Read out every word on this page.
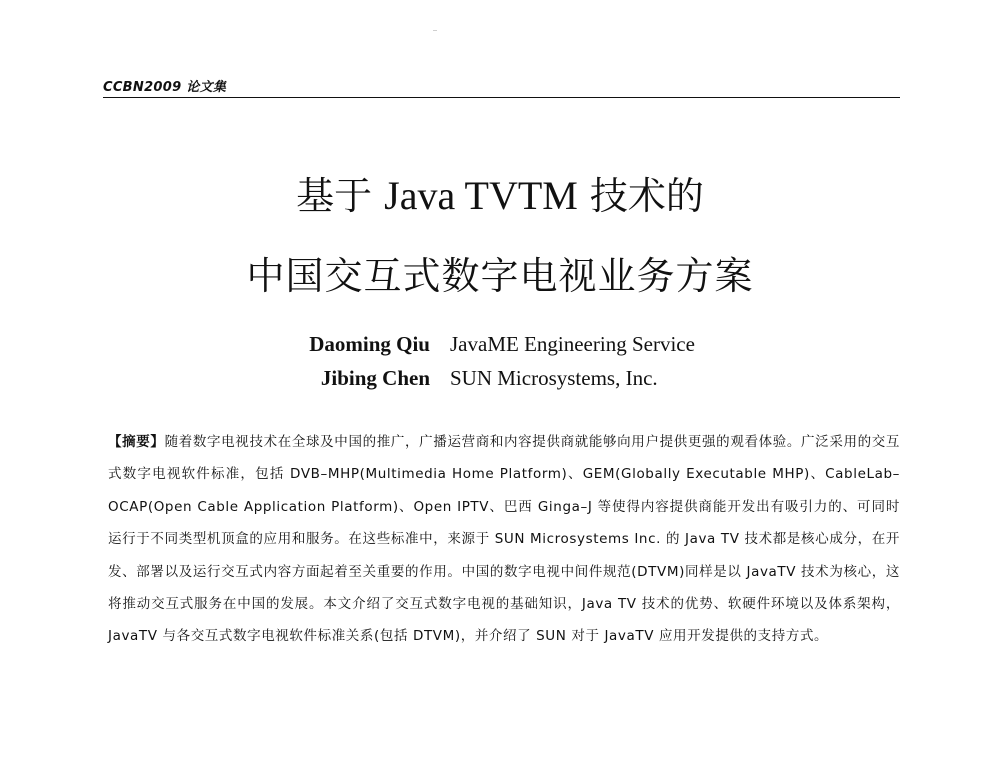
CCBN2009 论文集
基于 Java TVTM 技术的
中国交互式数字电视业务方案
Daoming Qiu JavaME Engineering Service
Jibing Chen SUN Microsystems, Inc.
【摘要】随着数字电视技术在全球及中国的推广，广播运营商和内容提供商就能够向用户提供更强的观看体验。广泛采用的交互式数字电视软件标准，包括 DVB–MHP(Multimedia Home Platform)、GEM(Globally Executable MHP)、CableLab–OCAP(Open Cable Application Platform)、Open IPTV、巴西 Ginga–J 等使得内容提供商能开发出有吸引力的、可同时运行于不同类型机顶盒的应用和服务。在这些标准中，来源于 SUN Microsystems Inc. 的 Java TV 技术都是核心成分，在开发、部署以及运行交互式内容方面起着至关重要的作用。中国的数字电视中间件规范(DTVM)同样是以 JavaTV 技术为核心，这将推动交互式服务在中国的发展。本文介绍了交互式数字电视的基础知识，Java TV 技术的优势、软硬件环境以及体系架构，JavaTV 与各交互式数字电视软件标准关系(包括 DTVM)，并介绍了 SUN 对于 JavaTV 应用开发提供的支持方式。
